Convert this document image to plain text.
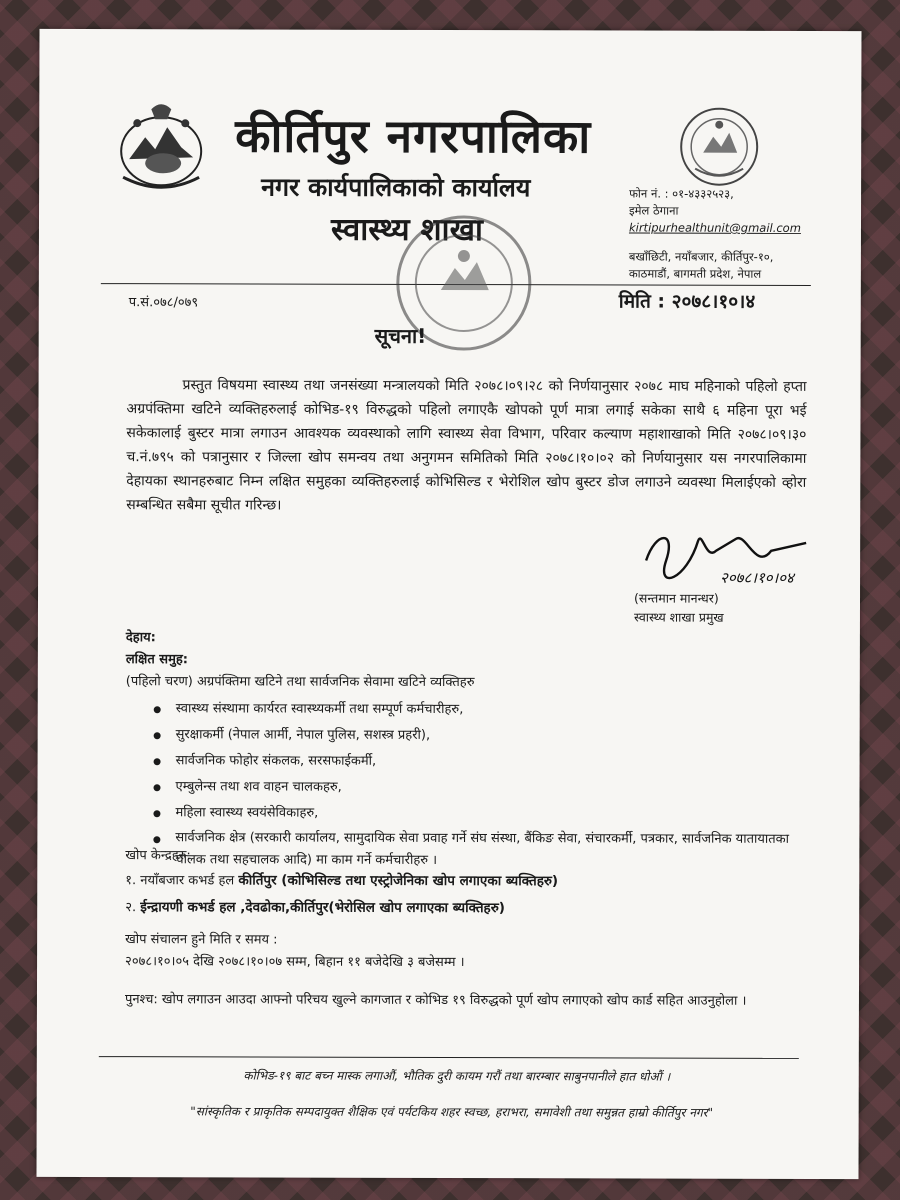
कीर्तिपुर नगरपालिका
नगर कार्यपालिकाको कार्यालय
स्वास्थ्य शाखा
फोन नं. : ०१-४३३२५२३,
इमेल ठेगाना
kirtipurhealthunit@gmail.com
बखाँछिटी, नयाँबजार, कीर्तिपुर-१०,
काठमाडौं, बागमती प्रदेश, नेपाल
प.सं.०७८/०७९	मिति : २०७८।१०।४
सूचना!
प्रस्तुत विषयमा स्वास्थ्य तथा जनसंख्या मन्त्रालयको मिति २०७८।०९।२८ को निर्णयानुसार २०७८ माघ महिनाको पहिलो हप्ता अग्रपंक्तिमा खटिने व्यक्तिहरुलाई कोभिड-१९ विरुद्धको पहिलो लगाएकै खोपको पूर्ण मात्रा लगाई सकेका साथै ६ महिना पूरा भई सकेकालाई बुस्टर मात्रा लगाउन आवश्यक व्यवस्थाको लागि स्वास्थ्य सेवा विभाग, परिवार कल्याण महाशाखाको मिति २०७८।०९।३० च.नं.७९५ को पत्रानुसार र जिल्ला खोप समन्वय तथा अनुगमन समितिको मिति २०७८।१०।०२ को निर्णयानुसार यस नगरपालिकामा देहायका स्थानहरुबाट निम्न लक्षित समुहका व्यक्तिहरुलाई कोभिसिल्ड र भेरोशिल खोप बुस्टर डोज लगाउने व्यवस्था मिलाईएको व्होरा सम्बन्धित सबैमा सूचीत गरिन्छ।
२०७८।१०।०४
(सन्तमान मानन्धर)
स्वास्थ्य शाखा प्रमुख
देहाय:
लक्षित समुह:
(पहिलो चरण) अग्रपंक्तिमा खटिने तथा सार्वजनिक सेवामा खटिने व्यक्तिहरु
स्वास्थ्य संस्थामा कार्यरत स्वास्थ्यकर्मी तथा सम्पूर्ण कर्मचारीहरु,
सुरक्षाकर्मी (नेपाल आर्मी, नेपाल पुलिस, सशस्त्र प्रहरी),
सार्वजनिक फोहोर संकलक, सरसफाईकर्मी,
एम्बुलेन्स तथा शव वाहन चालकहरु,
महिला स्वास्थ्य स्वयंसेविकाहरु,
सार्वजनिक क्षेत्र (सरकारी कार्यालय, सामुदायिक सेवा प्रवाह गर्ने संघ संस्था, बैंकिङ सेवा, संचारकर्मी, पत्रकार, सार्वजनिक यातायातका चालक तथा सहचालक आदि) मा काम गर्ने कर्मचारीहरु ।
खोप केन्द्रहरु:
१. नयाँबजार कभर्ड हल कीर्तिपुर (कोभिसिल्ड तथा एस्ट्रोजेनिका खोप लगाएका ब्यक्तिहरु)
२. ईन्द्रायणी कभर्ड हल ,देवढोका,कीर्तिपुर(भेरोसिल खोप लगाएका ब्यक्तिहरु)
खोप संचालन हुने मिति र समय :
२०७८।१०।०५ देखि २०७८।१०।०७ सम्म, बिहान ११ बजेदेखि ३ बजेसम्म ।
पुनश्च: खोप लगाउन आउदा आफ्नो परिचय खुल्ने कागजात र कोभिड १९ विरुद्धको पूर्ण खोप लगाएको खोप कार्ड सहित आउनुहोला ।
कोभिड-१९ बाट बच्न मास्क लगाऔं, भौतिक दुरी कायम गरौं तथा बारम्बार साबुनपानीले हात धोऔं ।
"सांस्कृतिक र प्राकृतिक सम्पदायुक्त शैक्षिक एवं पर्यटकिय शहर स्वच्छ, हराभरा, समावेशी तथा समुन्नत हाम्रो कीर्तिपुर नगर"
